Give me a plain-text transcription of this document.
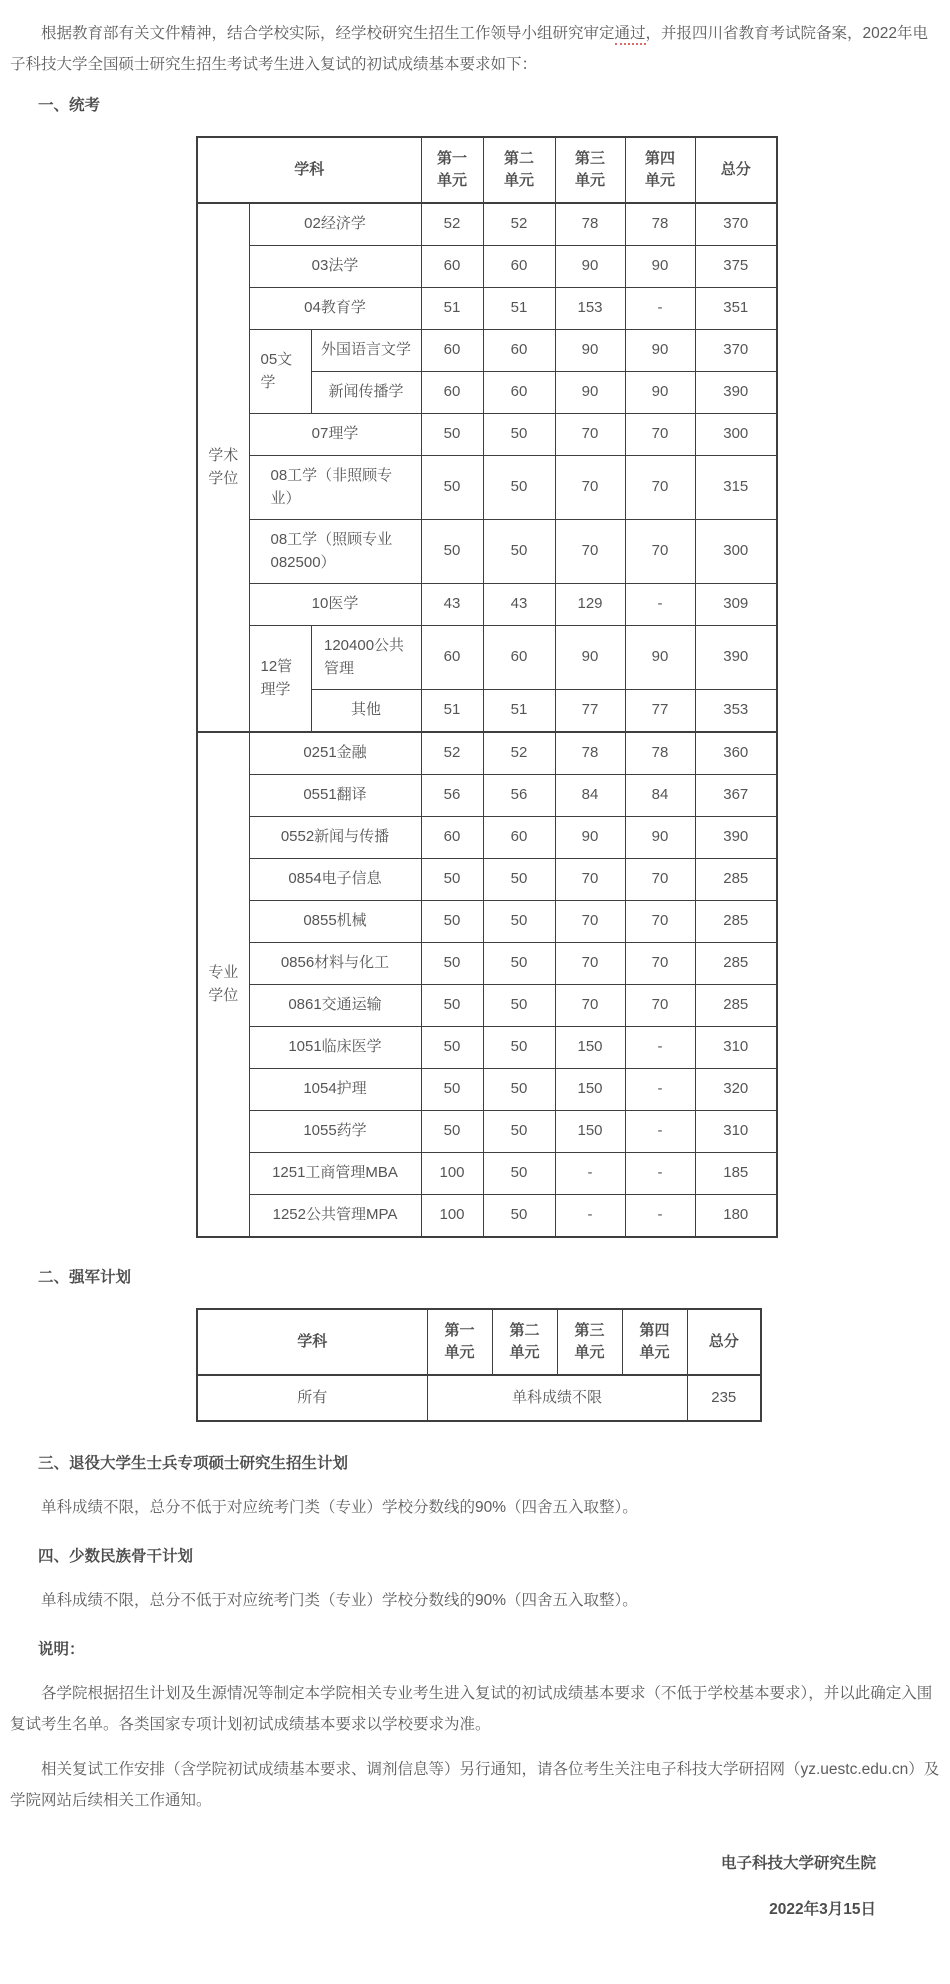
根据教育部有关文件精神，结合学校实际，经学校研究生招生工作领导小组研究审定通过，并报四川省教育考试院备案，2022年电子科技大学全国硕士研究生招生考试考生进入复试的初试成绩基本要求如下：

一、统考
学科			第一单元	第二单元	第三单元	第四单元	总分
学术学位	02经济学		52	52	78	78	370
	03法学		60	60	90	90	375
	04教育学		51	51	153	-	351
	05文学	外国语言文学	60	60	90	90	370
		新闻传播学	60	60	90	90	390
	07理学		50	50	70	70	300
	08工学（非照顾专业）		50	50	70	70	315
	08工学（照顾专业082500）		50	50	70	70	300
	10医学		43	43	129	-	309
	12管理学	120400公共管理	60	60	90	90	390
		其他	51	51	77	77	353
专业学位	0251金融		52	52	78	78	360
	0551翻译		56	56	84	84	367
	0552新闻与传播		60	60	90	90	390
	0854电子信息		50	50	70	70	285
	0855机械		50	50	70	70	285
	0856材料与化工		50	50	70	70	285
	0861交通运输		50	50	70	70	285
	1051临床医学		50	50	150	-	310
	1054护理		50	50	150	-	320
	1055药学		50	50	150	-	310
	1251工商管理MBA		100	50	-	-	185
	1252公共管理MPA		100	50	-	-	180
二、强军计划
学科	第一单元	第二单元	第三单元	第四单元	总分
所有	单科成绩不限				235
三、退役大学生士兵专项硕士研究生招生计划

单科成绩不限，总分不低于对应统考门类（专业）学校分数线的90%（四舍五入取整）。

四、少数民族骨干计划

单科成绩不限，总分不低于对应统考门类（专业）学校分数线的90%（四舍五入取整）。

说明：

各学院根据招生计划及生源情况等制定本学院相关专业考生进入复试的初试成绩基本要求（不低于学校基本要求），并以此确定入围复试考生名单。各类国家专项计划初试成绩基本要求以学校要求为准。

相关复试工作安排（含学院初试成绩基本要求、调剂信息等）另行通知，请各位考生关注电子科技大学研招网（yz.uestc.edu.cn）及学院网站后续相关工作通知。

电子科技大学研究生院

2022年3月15日
